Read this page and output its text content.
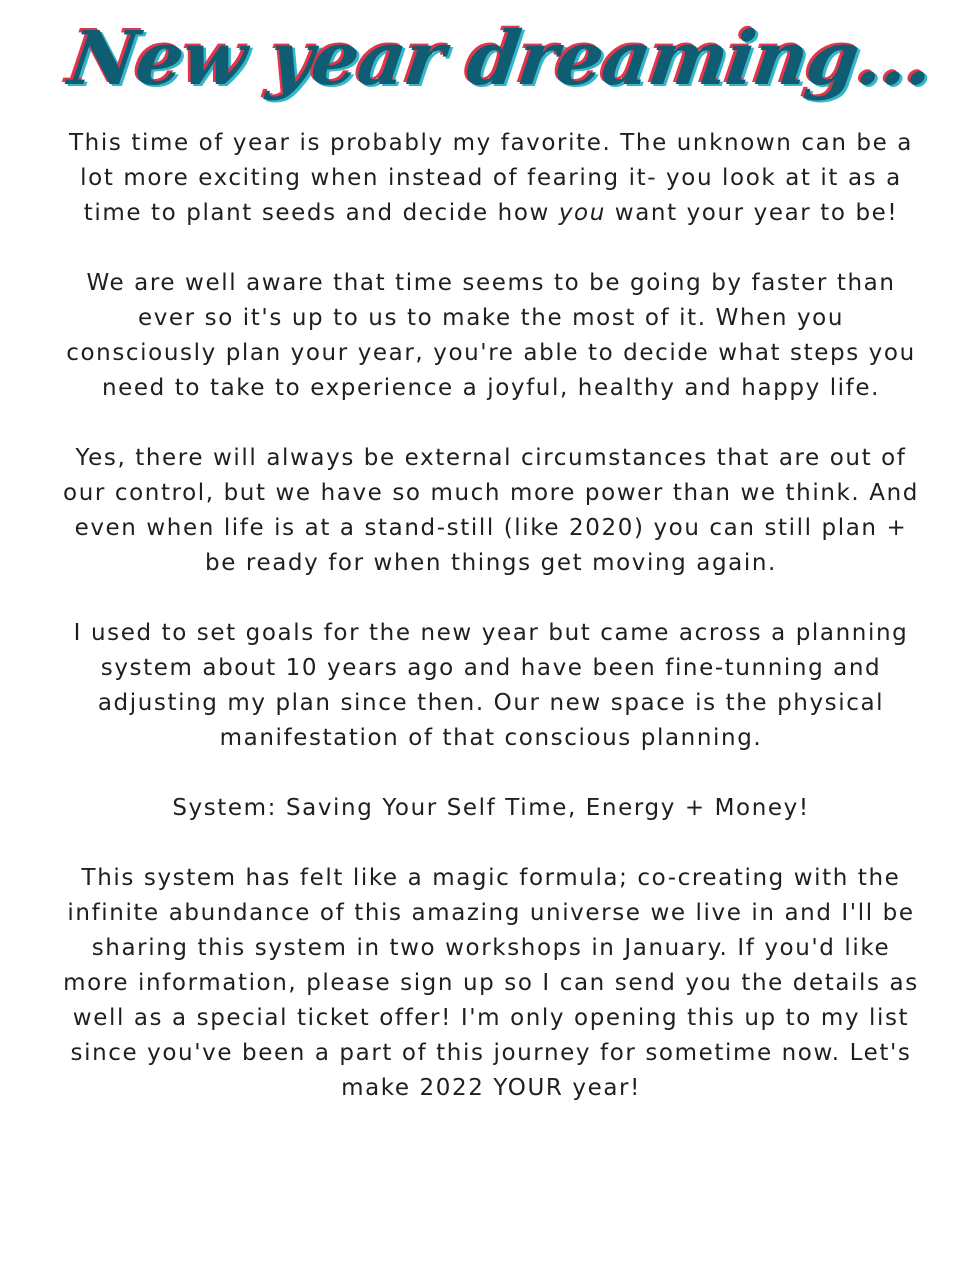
New year dreaming...

This time of year is probably my favorite. The unknown can be a lot more exciting when instead of fearing it- you look at it as a time to plant seeds and decide how you want your year to be!

We are well aware that time seems to be going by faster than ever so it's up to us to make the most of it. When you consciously plan your year, you're able to decide what steps you need to take to experience a joyful, healthy and happy life.

Yes, there will always be external circumstances that are out of our control, but we have so much more power than we think. And even when life is at a stand-still (like 2020) you can still plan + be ready for when things get moving again.

I used to set goals for the new year but came across a planning system about 10 years ago and have been fine-tunning and adjusting my plan since then. Our new space is the physical manifestation of that conscious planning.

System: Saving Your Self Time, Energy + Money!

This system has felt like a magic formula; co-creating with the infinite abundance of this amazing universe we live in and I'll be sharing this system in two workshops in January. If you'd like more information, please sign up so I can send you the details as well as a special ticket offer! I'm only opening this up to my list since you've been a part of this journey for sometime now. Let's make 2022 YOUR year!
